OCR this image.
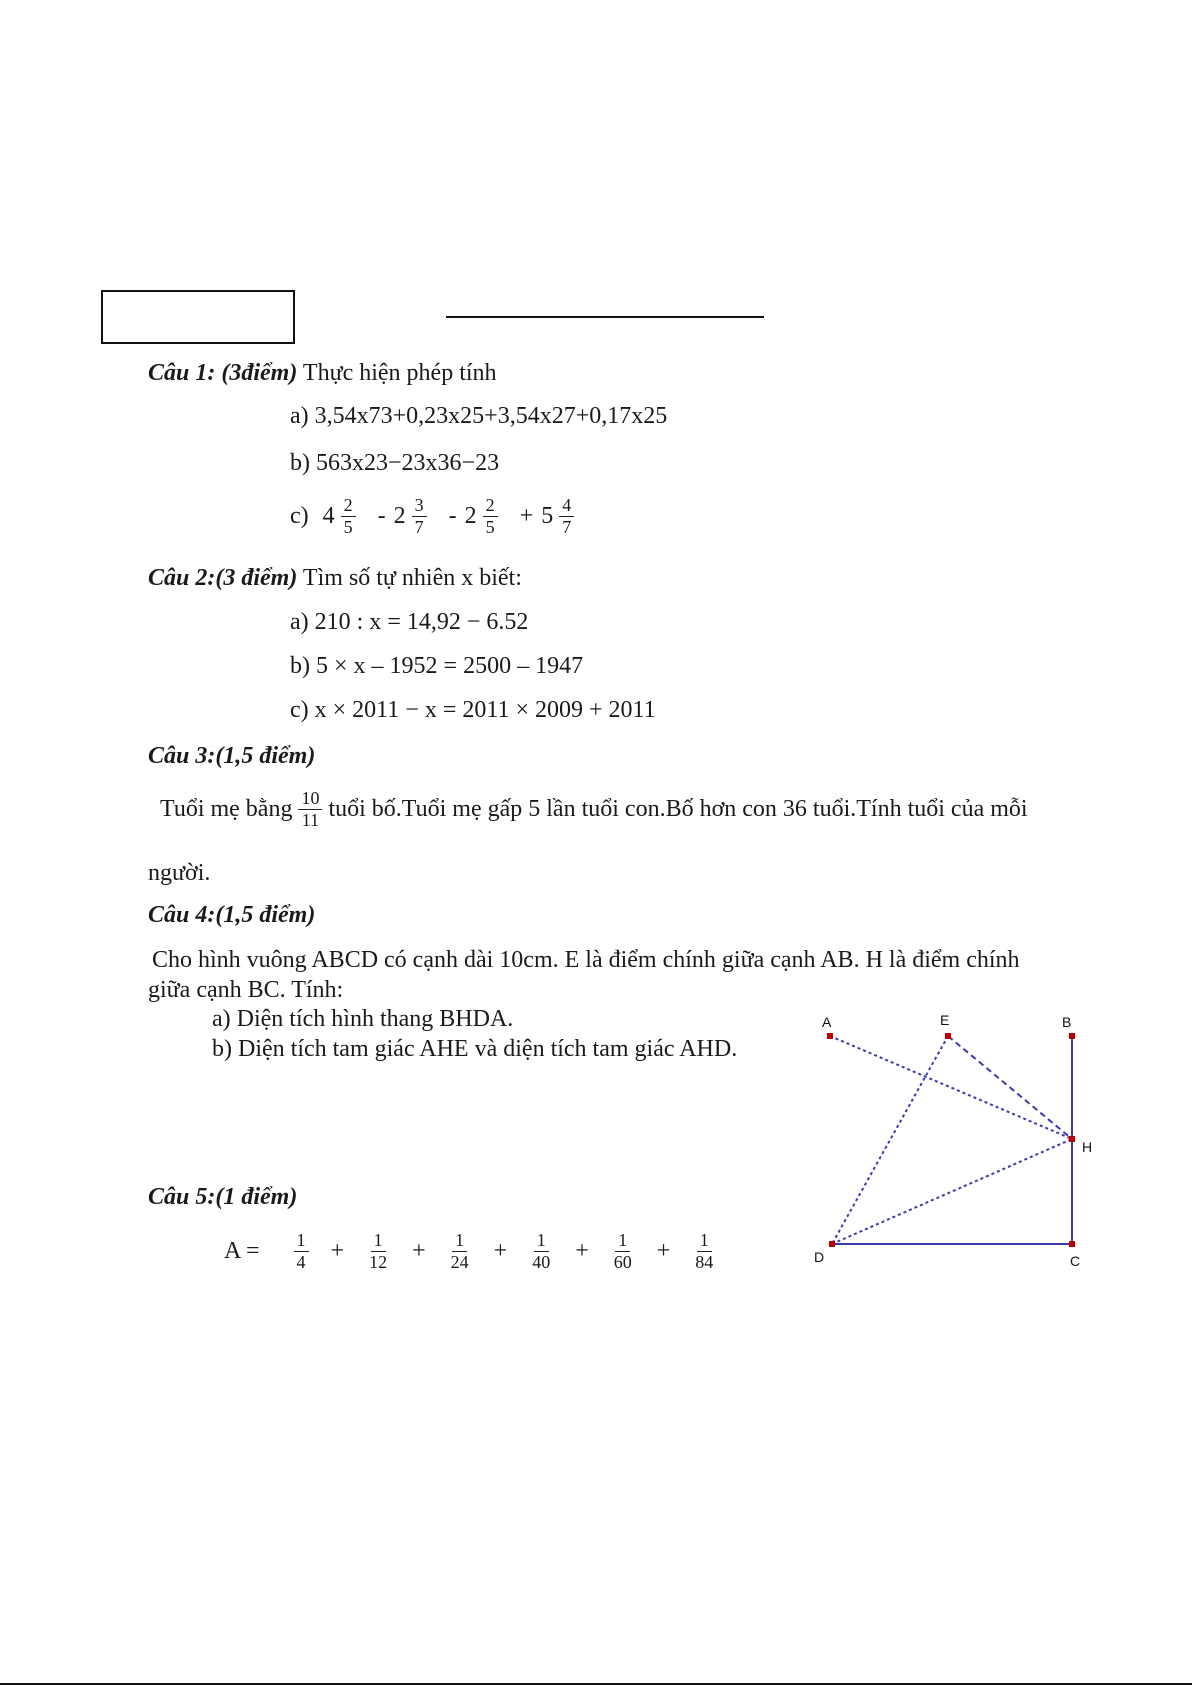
Câu 1: (3điểm) Thực hiện phép tính
a) 3,54x73+0,23x25+3,54x27+0,17x25
b) 563x23−23x36−23
c) $4 \frac{2}{5} - 2 \frac{3}{7} - 2 \frac{2}{5} + 5 \frac{4}{7}$
Câu 2:(3 điểm) Tìm số tự nhiên x biết:
a) 210 : x = 14,92 − 6.52
b) 5 × x – 1952 = 2500 – 1947
c) x × 2011 − x = 2011 × 2009 + 2011
Câu 3:(1,5 điểm)
Tuổi mẹ bằng $\frac{10}{11}$ tuổi bố.Tuổi mẹ gấp 5 lần tuổi con.Bố hơn con 36 tuổi.Tính tuổi của mỗi
người.
Câu 4:(1,5 điểm)
Cho hình vuông ABCD có cạnh dài 10cm. E là điểm chính giữa cạnh AB. H là điểm chính
giữa cạnh BC. Tính:
a) Diện tích hình thang BHDA.
b) Diện tích tam giác AHE và diện tích tam giác AHD.
A	E	B
H
D	C
Câu 5:(1 điểm)
$A = \frac{1}{4} + \frac{1}{12} + \frac{1}{24} + \frac{1}{40} + \frac{1}{60} + \frac{1}{84}$
